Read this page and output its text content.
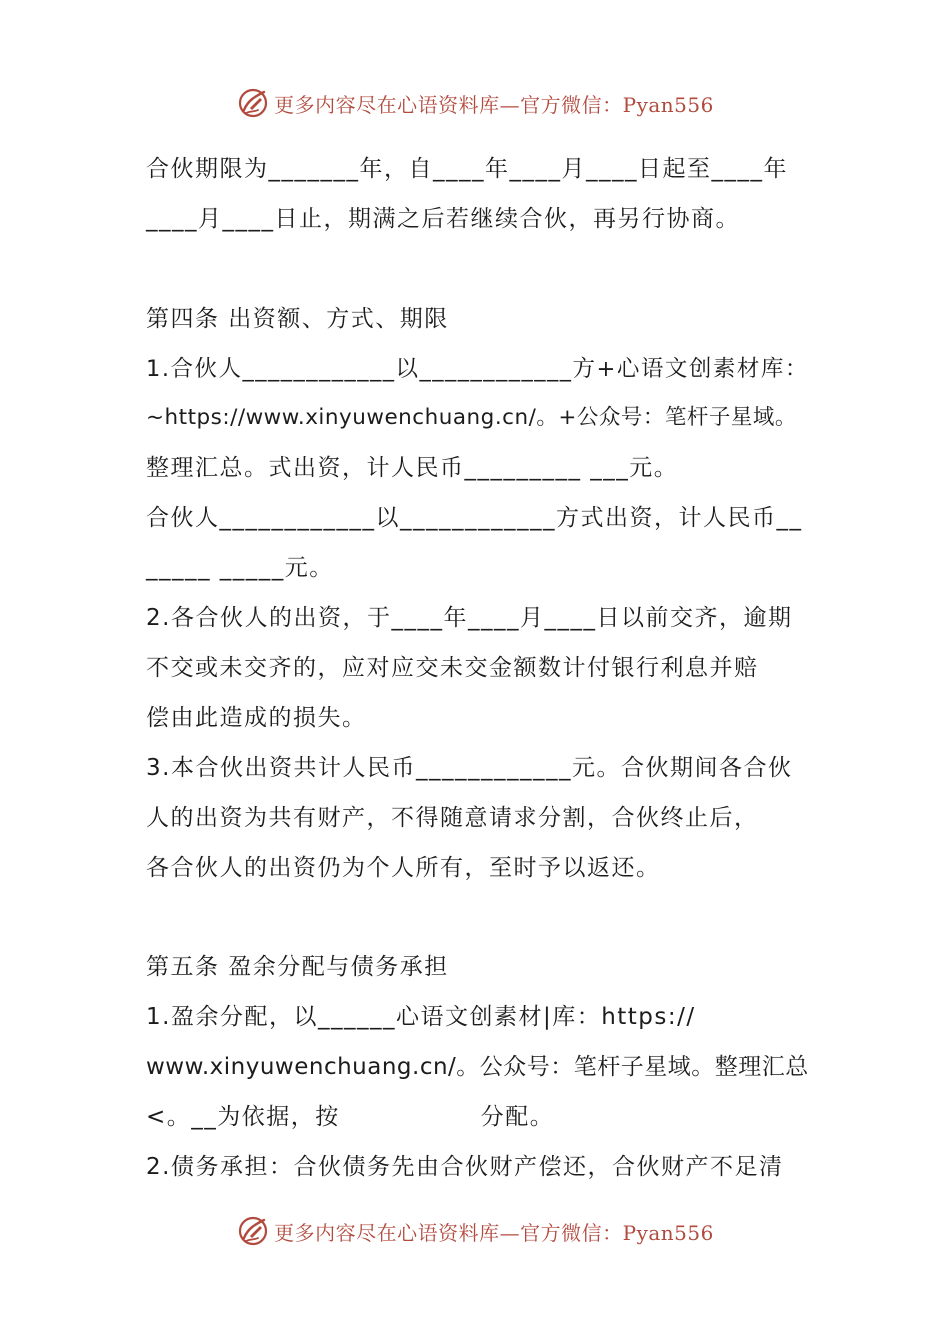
更多内容尽在心语资料库—官方微信：Pyan556
合伙期限为_______年，自____年____月____日起至____年
____月____日止，期满之后若继续合伙，再另行协商。
第四条 出资额、方式、期限
1.合伙人____________以____________方+心语文创素材库：
~https://www.xinyuwenchuang.cn/。+公众号：笔杆子星域。
整理汇总。式出资，计人民币_________ ___元。
合伙人____________以____________方式出资，计人民币__
_____ _____元。
2.各合伙人的出资，于____年____月____日以前交齐，逾期
不交或未交齐的，应对应交未交金额数计付银行利息并赔
偿由此造成的损失。
3.本合伙出资共计人民币____________元。合伙期间各合伙
人的出资为共有财产，不得随意请求分割，合伙终止后，
各合伙人的出资仍为个人所有，至时予以返还。
第五条 盈余分配与债务承担
1.盈余分配，以______心语文创素材|库：https://
www.xinyuwenchuang.cn/。公众号：笔杆子星域。整理汇总
<。__为依据，按                分配。
2.债务承担：合伙债务先由合伙财产偿还，合伙财产不足清
更多内容尽在心语资料库—官方微信：Pyan556
